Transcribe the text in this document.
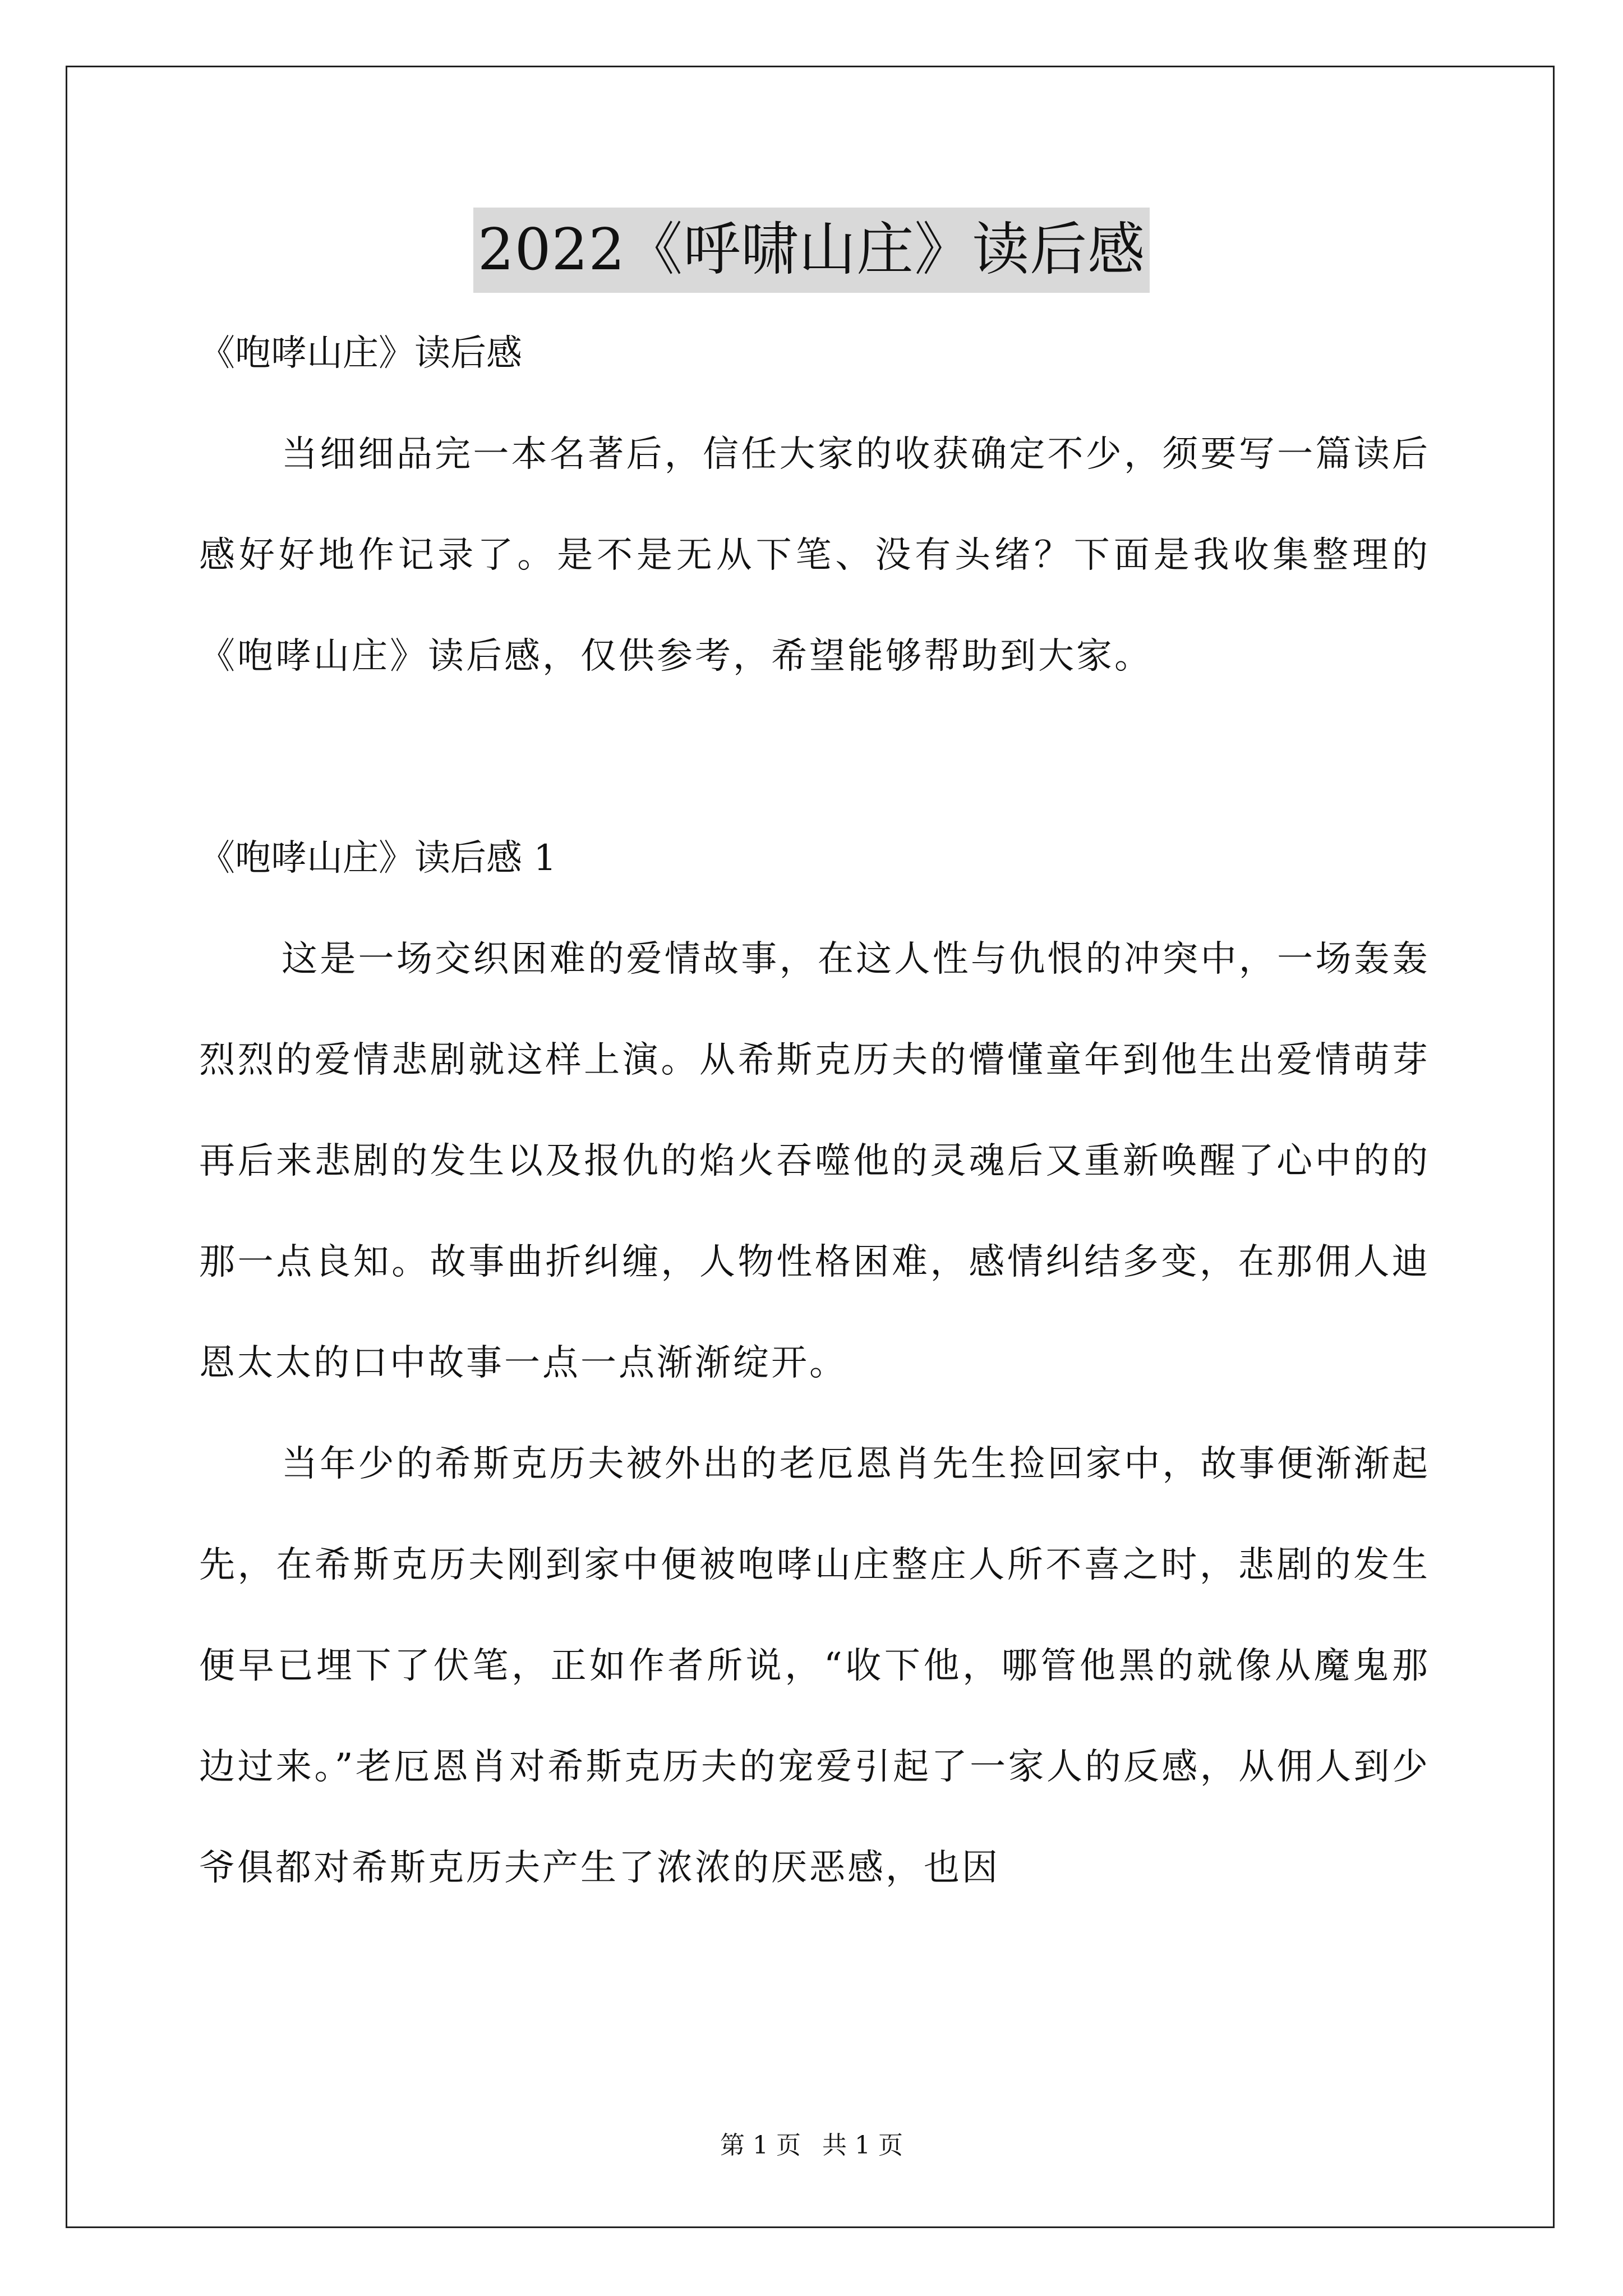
2022《呼啸山庄》读后感

《咆哮山庄》读后感

当细细品完一本名著后，信任大家的收获确定不少，须要写一篇读后感好好地作记录了。是不是无从下笔、没有头绪？下面是我收集整理的《咆哮山庄》读后感，仅供参考，希望能够帮助到大家。

《咆哮山庄》读后感 1

这是一场交织困难的爱情故事，在这人性与仇恨的冲突中，一场轰轰烈烈的爱情悲剧就这样上演。从希斯克历夫的懵懂童年到他生出爱情萌芽再后来悲剧的发生以及报仇的焰火吞噬他的灵魂后又重新唤醒了心中的的那一点良知。故事曲折纠缠，人物性格困难，感情纠结多变，在那佣人迪恩太太的口中故事一点一点渐渐绽开。

当年少的希斯克历夫被外出的老厄恩肖先生捡回家中，故事便渐渐起先，在希斯克历夫刚到家中便被咆哮山庄整庄人所不喜之时，悲剧的发生便早已埋下了伏笔，正如作者所说，“收下他，哪管他黑的就像从魔鬼那边过来。”老厄恩肖对希斯克历夫的宠爱引起了一家人的反感，从佣人到少爷俱都对希斯克历夫产生了浓浓的厌恶感，也因

第 1 页 共 1 页
